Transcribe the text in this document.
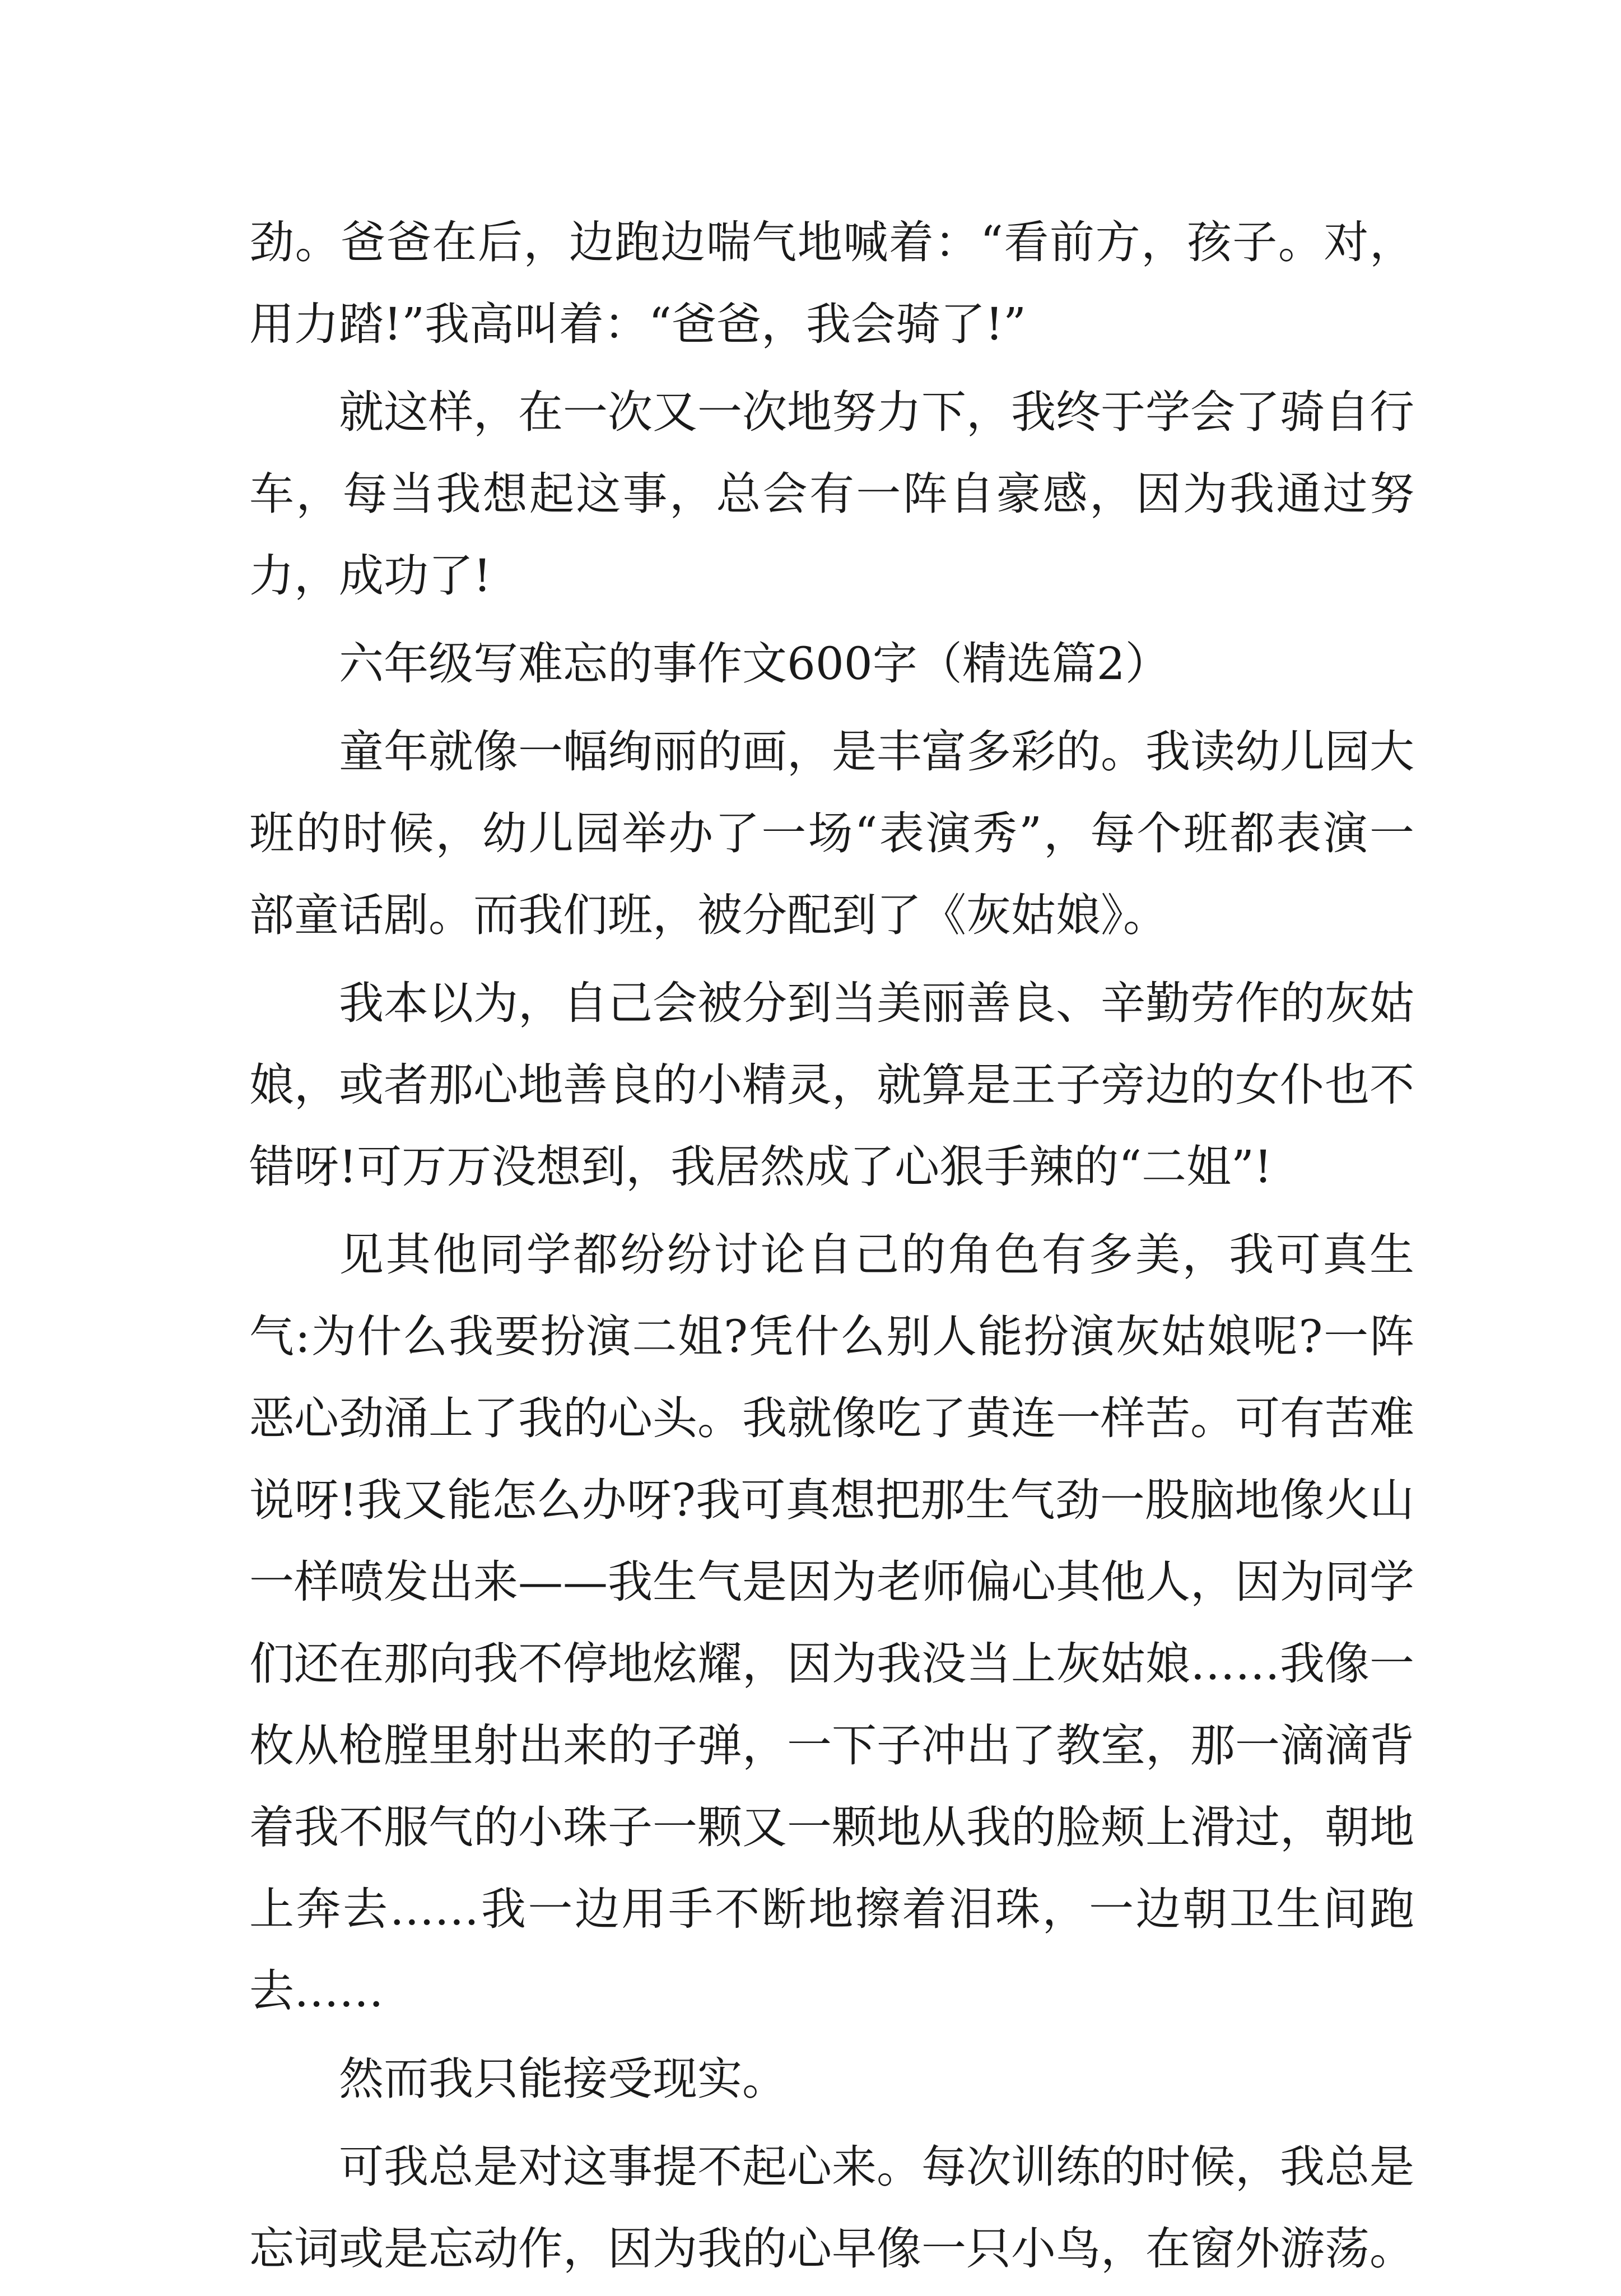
劲。爸爸在后，边跑边喘气地喊着：“看前方，孩子。对，用力踏!”我高叫着：“爸爸，我会骑了!”

就这样，在一次又一次地努力下，我终于学会了骑自行车，每当我想起这事，总会有一阵自豪感，因为我通过努力，成功了!

六年级写难忘的事作文600字（精选篇2）

童年就像一幅绚丽的画，是丰富多彩的。我读幼儿园大班的时候，幼儿园举办了一场“表演秀”，每个班都表演一部童话剧。而我们班，被分配到了《灰姑娘》。

我本以为，自己会被分到当美丽善良、辛勤劳作的灰姑娘，或者那心地善良的小精灵，就算是王子旁边的女仆也不错呀!可万万没想到，我居然成了心狠手辣的“二姐”!

见其他同学都纷纷讨论自己的角色有多美，我可真生气:为什么我要扮演二姐?凭什么别人能扮演灰姑娘呢?一阵恶心劲涌上了我的心头。我就像吃了黄连一样苦。可有苦难说呀!我又能怎么办呀?我可真想把那生气劲一股脑地像火山一样喷发出来——我生气是因为老师偏心其他人，因为同学们还在那向我不停地炫耀，因为我没当上灰姑娘……我像一枚从枪膛里射出来的子弹，一下子冲出了教室，那一滴滴背着我不服气的小珠子一颗又一颗地从我的脸颊上滑过，朝地上奔去……我一边用手不断地擦着泪珠，一边朝卫生间跑去……

然而我只能接受现实。

可我总是对这事提不起心来。每次训练的时候，我总是忘词或是忘动作，因为我的心早像一只小鸟，在窗外游荡。
